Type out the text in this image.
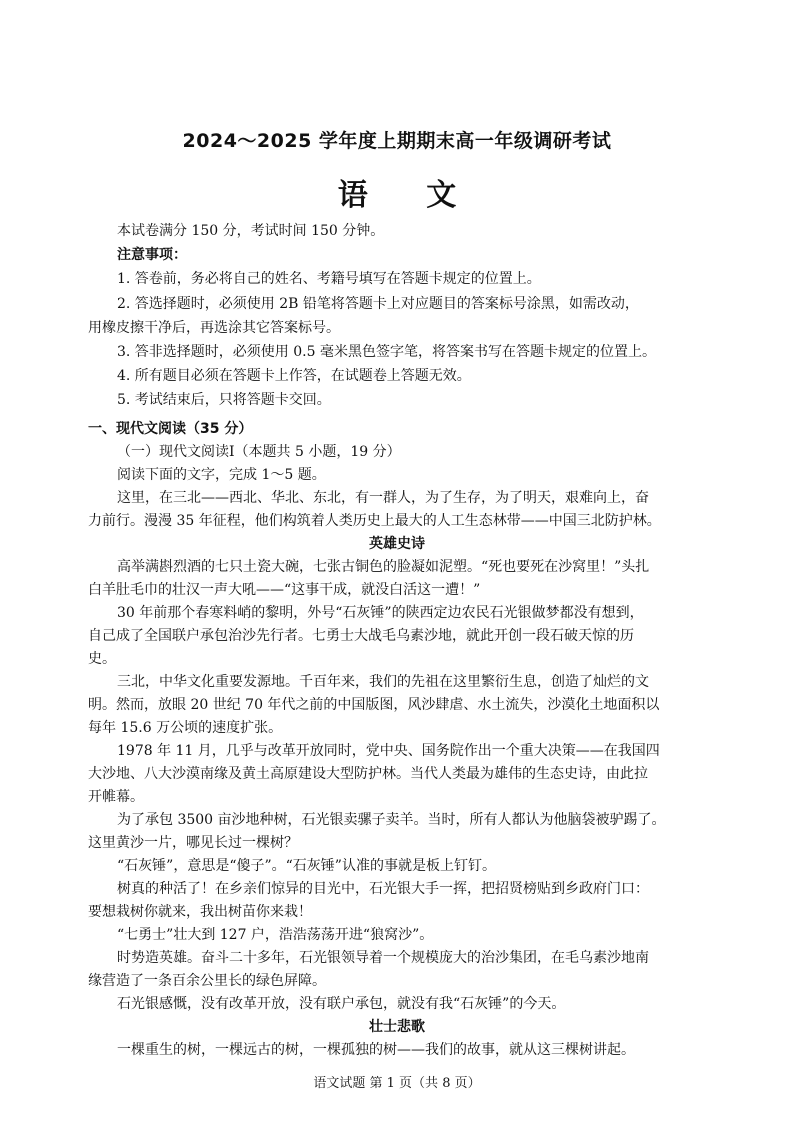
2024～2025 学年度上期期末高一年级调研考试
语 文
本试卷满分 150 分，考试时间 150 分钟。
注意事项：
1. 答卷前，务必将自己的姓名、考籍号填写在答题卡规定的位置上。
2. 答选择题时，必须使用 2B 铅笔将答题卡上对应题目的答案标号涂黑，如需改动，
用橡皮擦干净后，再选涂其它答案标号。
3. 答非选择题时，必须使用 0.5 毫米黑色签字笔，将答案书写在答题卡规定的位置上。
4. 所有题目必须在答题卡上作答，在试题卷上答题无效。
5. 考试结束后，只将答题卡交回。
一、现代文阅读（35 分）
（一）现代文阅读Ⅰ（本题共 5 小题，19 分）
阅读下面的文字，完成 1～5 题。
这里，在三北——西北、华北、东北，有一群人，为了生存，为了明天，艰难向上，奋
力前行。漫漫 35 年征程，他们构筑着人类历史上最大的人工生态林带——中国三北防护林。
英雄史诗
高举满斟烈酒的七只土瓷大碗，七张古铜色的脸凝如泥塑。“死也要死在沙窝里！”头扎
白羊肚毛巾的壮汉一声大吼——“这事干成，就没白活这一遭！”
30 年前那个春寒料峭的黎明，外号“石灰锤”的陕西定边农民石光银做梦都没有想到，
自己成了全国联户承包治沙先行者。七勇士大战毛乌素沙地，就此开创一段石破天惊的历
史。
三北，中华文化重要发源地。千百年来，我们的先祖在这里繁衍生息，创造了灿烂的文
明。然而，放眼 20 世纪 70 年代之前的中国版图，风沙肆虐、水土流失，沙漠化土地面积以
每年 15.6 万公顷的速度扩张。
1978 年 11 月，几乎与改革开放同时，党中央、国务院作出一个重大决策——在我国四
大沙地、八大沙漠南缘及黄土高原建设大型防护林。当代人类最为雄伟的生态史诗，由此拉
开帷幕。
为了承包 3500 亩沙地种树，石光银卖骡子卖羊。当时，所有人都认为他脑袋被驴踢了。
这里黄沙一片，哪见长过一棵树？
“石灰锤”，意思是“傻子”。“石灰锤”认准的事就是板上钉钉。
树真的种活了！在乡亲们惊异的目光中，石光银大手一挥，把招贤榜贴到乡政府门口：
要想栽树你就来，我出树苗你来栽！
“七勇士”壮大到 127 户，浩浩荡荡开进“狼窝沙”。
时势造英雄。奋斗二十多年，石光银领导着一个规模庞大的治沙集团，在毛乌素沙地南
缘营造了一条百余公里长的绿色屏障。
石光银感慨，没有改革开放，没有联户承包，就没有我“石灰锤”的今天。
壮士悲歌
一棵重生的树，一棵远古的树，一棵孤独的树——我们的故事，就从这三棵树讲起。
语文试题 第 1 页（共 8 页）
